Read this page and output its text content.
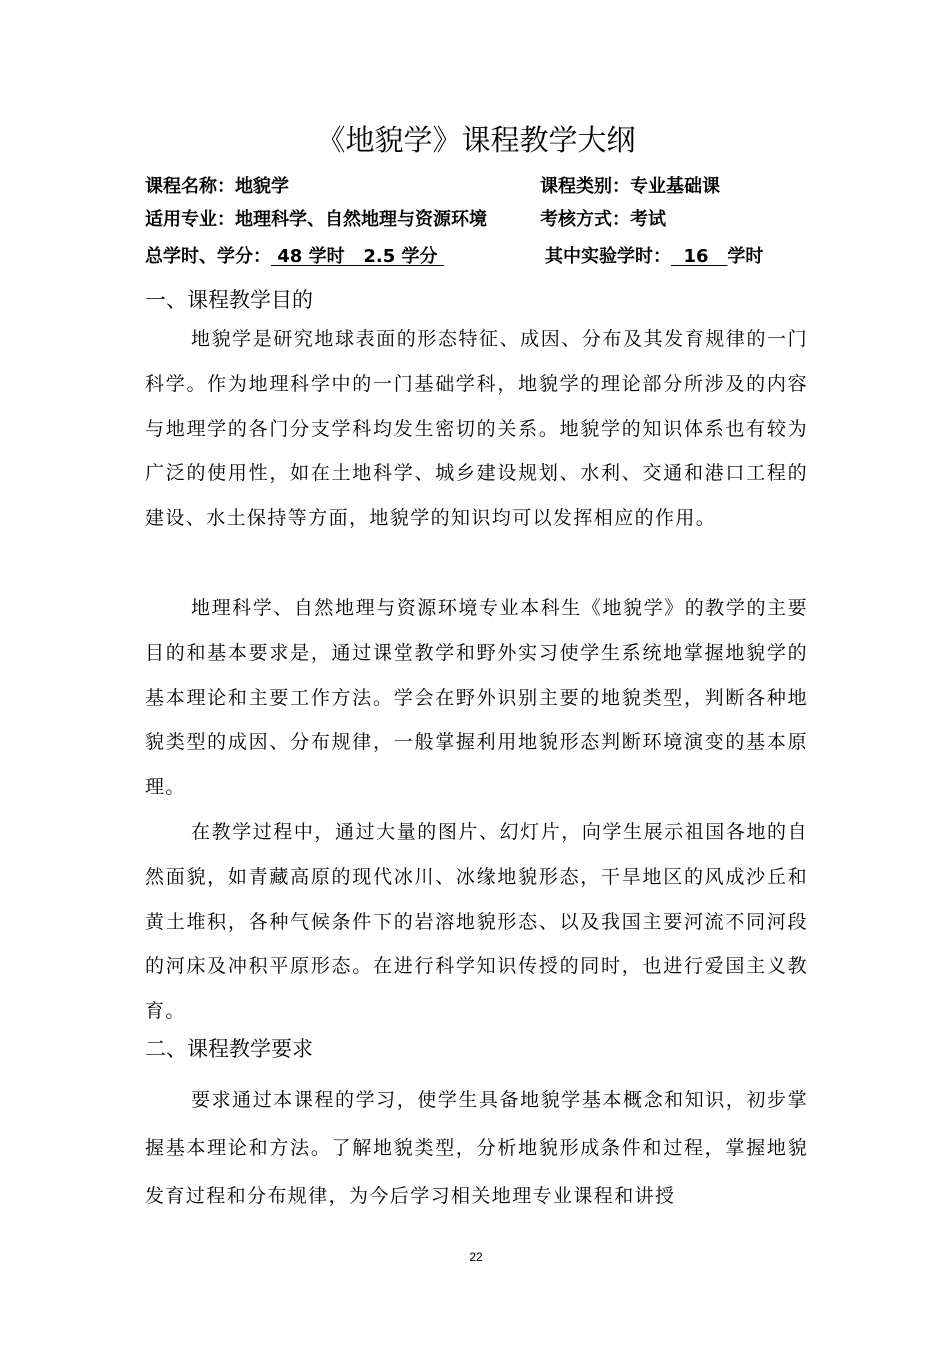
《地貌学》课程教学大纲
课程名称：地貌学	课程类别：专业基础课
适用专业：地理科学、自然地理与资源环境	考核方式：考试
总学时、学分： 48 学时   2.5 学分	其中实验学时：  16   学时
一、课程教学目的

地貌学是研究地球表面的形态特征、成因、分布及其发育规律的一门科学。作为地理科学中的一门基础学科，地貌学的理论部分所涉及的内容与地理学的各门分支学科均发生密切的关系。地貌学的知识体系也有较为广泛的使用性，如在土地科学、城乡建设规划、水利、交通和港口工程的建设、水土保持等方面，地貌学的知识均可以发挥相应的作用。

地理科学、自然地理与资源环境专业本科生《地貌学》的教学的主要目的和基本要求是，通过课堂教学和野外实习使学生系统地掌握地貌学的基本理论和主要工作方法。学会在野外识别主要的地貌类型，判断各种地貌类型的成因、分布规律，一般掌握利用地貌形态判断环境演变的基本原理。

在教学过程中，通过大量的图片、幻灯片，向学生展示祖国各地的自然面貌，如青藏高原的现代冰川、冰缘地貌形态，干旱地区的风成沙丘和黄土堆积，各种气候条件下的岩溶地貌形态、以及我国主要河流不同河段的河床及冲积平原形态。在进行科学知识传授的同时，也进行爱国主义教育。

二、课程教学要求

要求通过本课程的学习，使学生具备地貌学基本概念和知识，初步掌握基本理论和方法。了解地貌类型，分析地貌形成条件和过程，掌握地貌发育过程和分布规律，为今后学习相关地理专业课程和讲授

22
